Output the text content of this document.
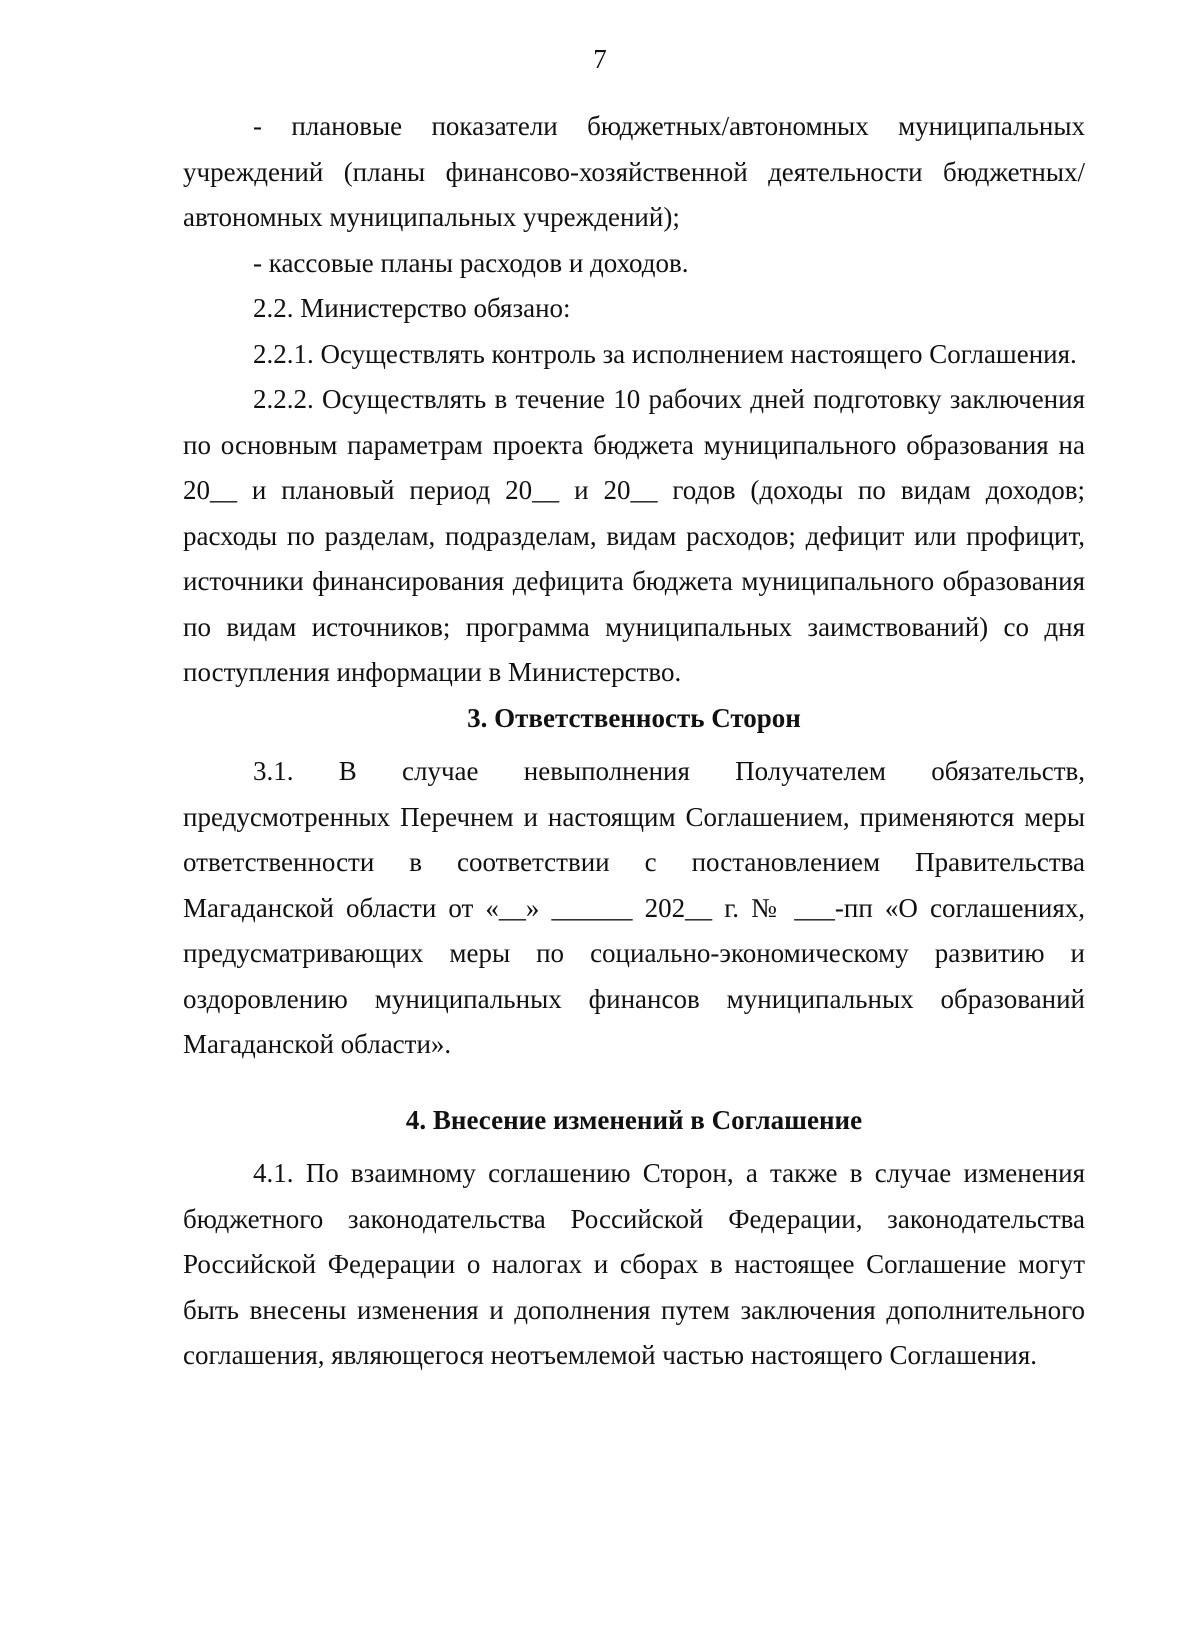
7

- плановые показатели бюджетных/автономных муниципальных учреждений (планы финансово-хозяйственной деятельности бюджетных/автономных муниципальных учреждений);

- кассовые планы расходов и доходов.

2.2. Министерство обязано:

2.2.1. Осуществлять контроль за исполнением настоящего Соглашения.

2.2.2. Осуществлять в течение 10 рабочих дней подготовку заключения по основным параметрам проекта бюджета муниципального образования на 20__ и плановый период 20__ и 20__ годов (доходы по видам доходов; расходы по разделам, подразделам, видам расходов; дефицит или профицит, источники финансирования дефицита бюджета муниципального образования по видам источников; программа муниципальных заимствований) со дня поступления информации в Министерство.

3. Ответственность Сторон

3.1. В случае невыполнения Получателем обязательств, предусмотренных Перечнем и настоящим Соглашением, применяются меры ответственности в соответствии с постановлением Правительства Магаданской области от «__» ______ 202__ г. № ___-пп «О соглашениях, предусматривающих меры по социально-экономическому развитию и оздоровлению муниципальных финансов муниципальных образований Магаданской области».

4. Внесение изменений в Соглашение

4.1. По взаимному соглашению Сторон, а также в случае изменения бюджетного законодательства Российской Федерации, законодательства Российской Федерации о налогах и сборах в настоящее Соглашение могут быть внесены изменения и дополнения путем заключения дополнительного соглашения, являющегося неотъемлемой частью настоящего Соглашения.
